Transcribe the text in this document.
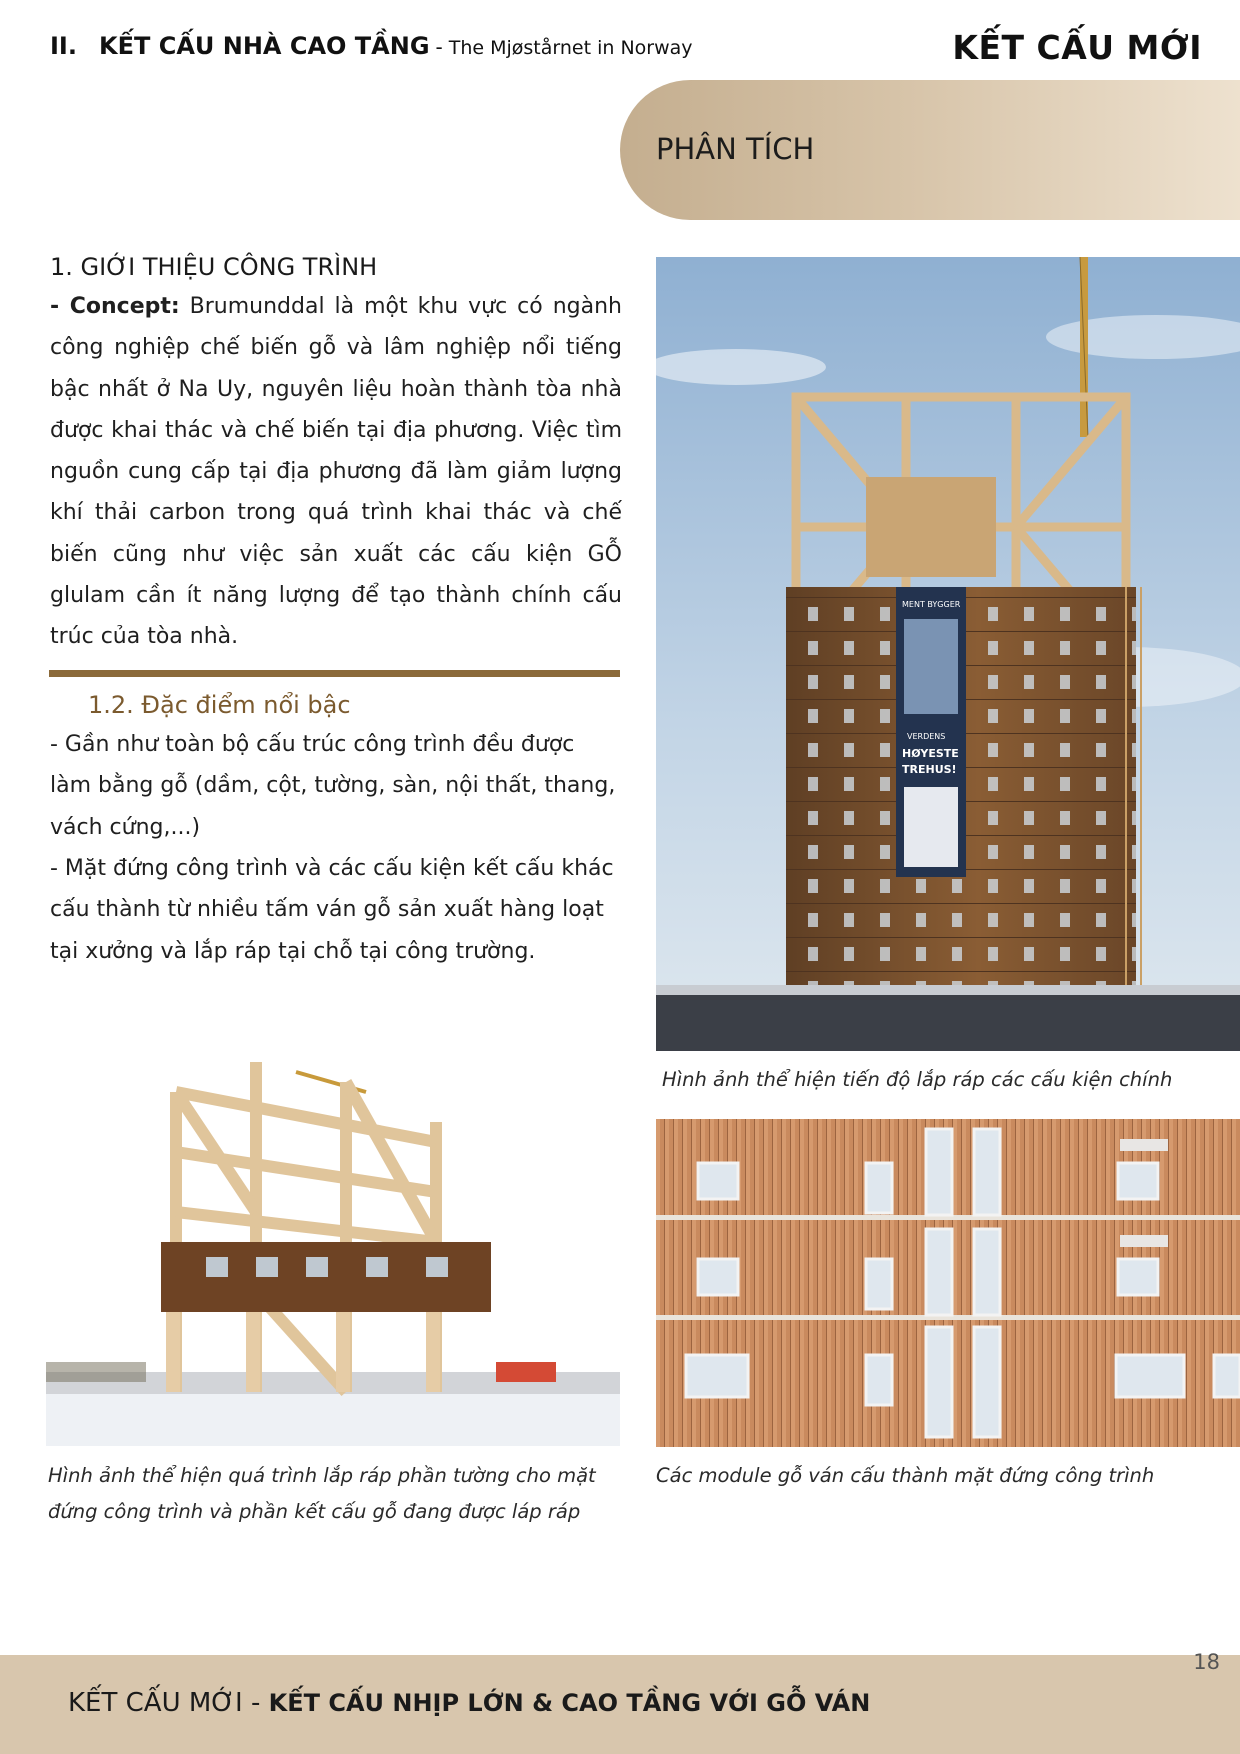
II. KẾT CẤU NHÀ CAO TẦNG - The Mjøstårnet in Norway	KẾT CẤU MỚI
PHÂN TÍCH
1. GIỚI THIỆU CÔNG TRÌNH
- Concept: Brumunddal là một khu vực có ngành công nghiệp chế biến gỗ và lâm nghiệp nổi tiếng bậc nhất ở Na Uy, nguyên liệu hoàn thành tòa nhà được khai thác và chế biến tại địa phương. Việc tìm nguồn cung cấp tại địa phương đã làm giảm lượng khí thải carbon trong quá trình khai thác và chế biến cũng như việc sản xuất các cấu kiện GỖ glulam cần ít năng lượng để tạo thành chính cấu trúc của tòa nhà.
1.2. Đặc điểm nổi bậc
- Gần như toàn bộ cấu trúc công trình đều được làm bằng gỗ (dầm, cột, tường, sàn, nội thất, thang, vách cứng,...)
- Mặt đứng công trình và các cấu kiện kết cấu khác cấu thành từ nhiều tấm ván gỗ sản xuất hàng loạt tại xưởng và lắp ráp tại chỗ tại công trường.
MENT BYGGER
VERDENS
HØYESTE
TREHUS!
Hình ảnh thể hiện tiến độ lắp ráp các cấu kiện chính
Các module gỗ ván cấu thành mặt đứng công trình
Hình ảnh thể hiện quá trình lắp ráp phần tường cho mặt
đứng công trình và phần kết cấu gỗ đang được láp ráp
18
KẾT CẤU MỚI - KẾT CẤU NHỊP LỚN & CAO TẦNG VỚI GỖ VÁN
